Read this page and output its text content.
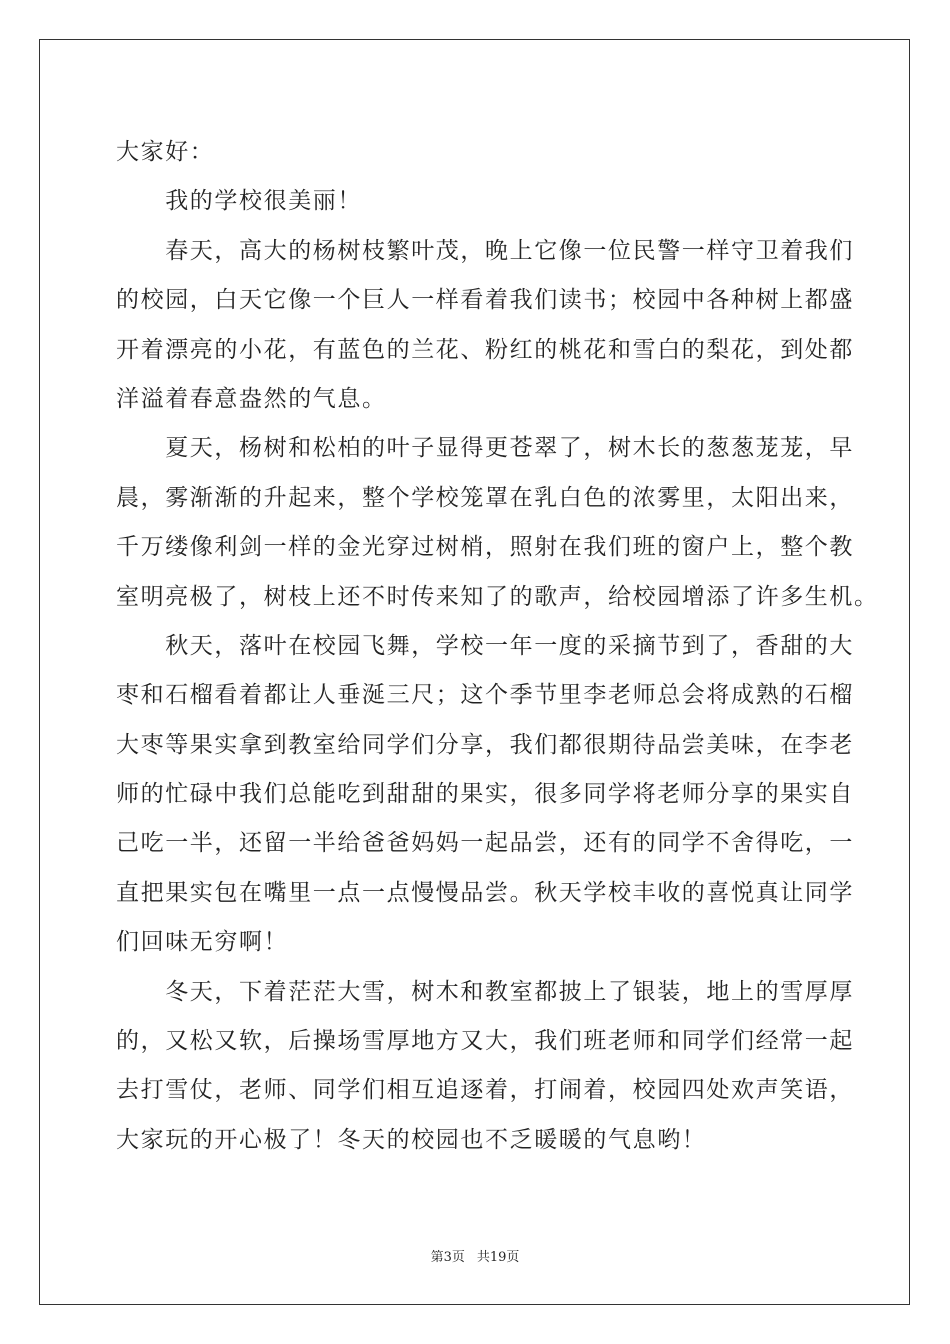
大家好：
　　我的学校很美丽！
　　春天，高大的杨树枝繁叶茂，晚上它像一位民警一样守卫着我们
的校园，白天它像一个巨人一样看着我们读书；校园中各种树上都盛
开着漂亮的小花，有蓝色的兰花、粉红的桃花和雪白的梨花，到处都
洋溢着春意盎然的气息。
　　夏天，杨树和松柏的叶子显得更苍翠了，树木长的葱葱茏茏，早
晨，雾渐渐的升起来，整个学校笼罩在乳白色的浓雾里，太阳出来，
千万缕像利剑一样的金光穿过树梢，照射在我们班的窗户上，整个教
室明亮极了，树枝上还不时传来知了的歌声，给校园增添了许多生机。
　　秋天，落叶在校园飞舞，学校一年一度的采摘节到了，香甜的大
枣和石榴看着都让人垂涎三尺；这个季节里李老师总会将成熟的石榴
大枣等果实拿到教室给同学们分享，我们都很期待品尝美味，在李老
师的忙碌中我们总能吃到甜甜的果实，很多同学将老师分享的果实自
己吃一半，还留一半给爸爸妈妈一起品尝，还有的同学不舍得吃，一
直把果实包在嘴里一点一点慢慢品尝。秋天学校丰收的喜悦真让同学
们回味无穷啊！
　　冬天，下着茫茫大雪，树木和教室都披上了银装，地上的雪厚厚
的，又松又软，后操场雪厚地方又大，我们班老师和同学们经常一起
去打雪仗，老师、同学们相互追逐着，打闹着，校园四处欢声笑语，
大家玩的开心极了！冬天的校园也不乏暖暖的气息哟！
第3页 共19页
